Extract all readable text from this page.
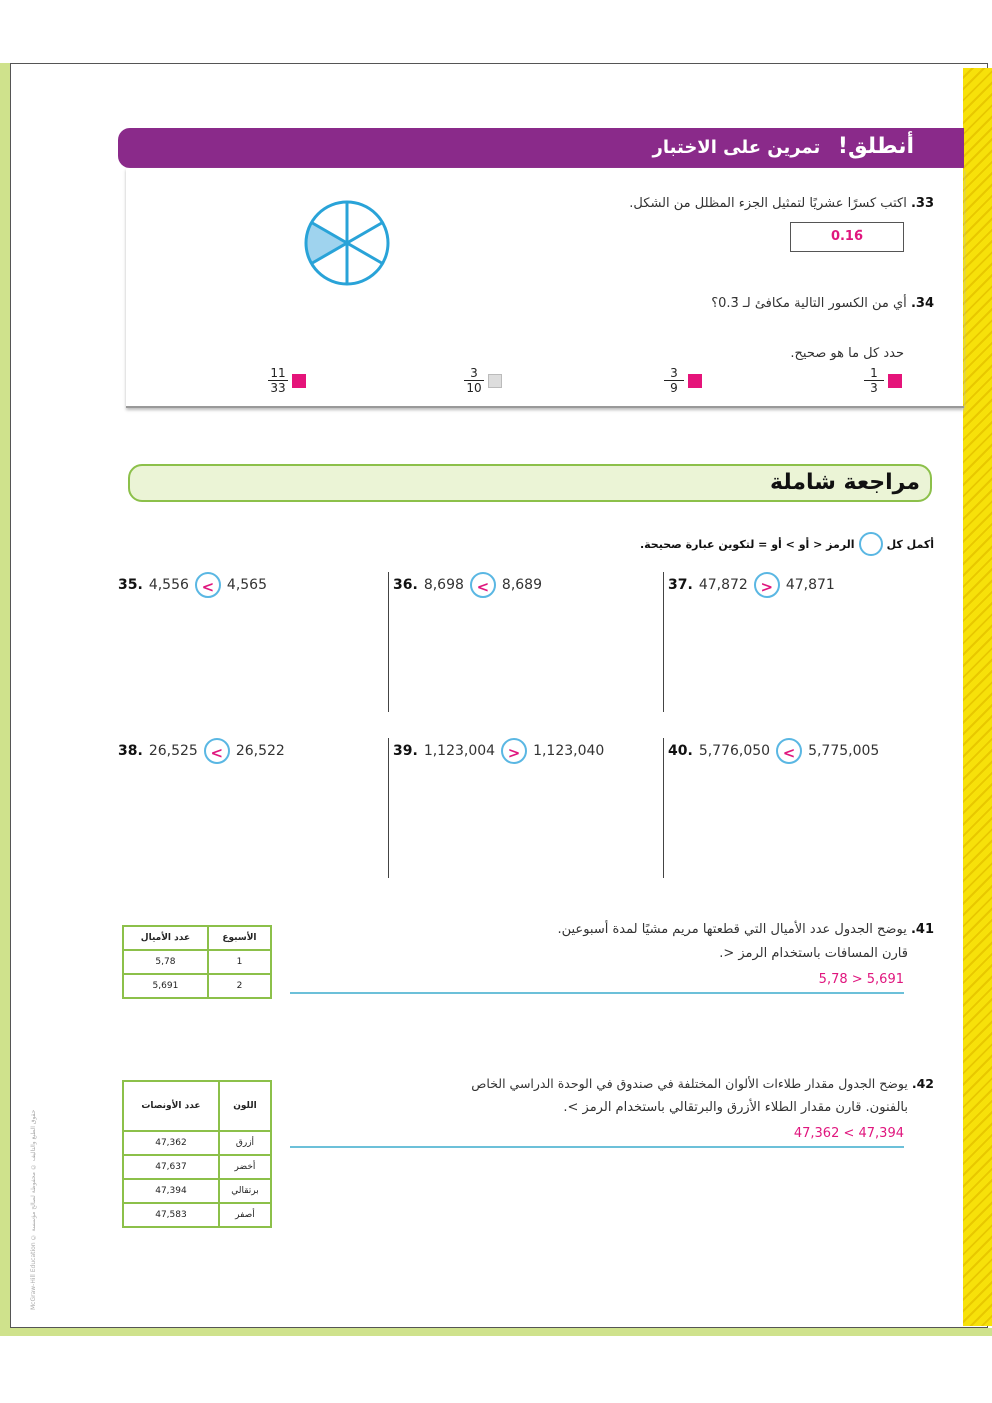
McGraw-Hill Education © حقوق الطبع والتأليف © محفوظة لصالح مؤسسة
أنطلق! تمرين على الاختبار
33. اكتب كسرًا عشريًا لتمثيل الجزء المظلل من الشكل.
0.16̄
34. أي من الكسور التالية مكافئ لـ 0.3̄؟
حدد كل ما هو صحيح.
$\frac{1}{3}$
$\frac{3}{9}$
$\frac{3}{10}$
$\frac{11}{33}$
مراجعة شاملة
أكمل كل
الرمز < أو > أو = لتكوين عبارة صحيحة.
35. 4,556 < 4,565	36. 8,698 < 8,689	37. 47,872 > 47,871
38. 26,525 < 26,522	39. 1,123,004 > 1,123,040	40. 5,776,050 < 5,775,005
عدد الأميال	الأسبوع
5,78	1
5,691	2
41. يوضح الجدول عدد الأميال التي قطعتها مريم مشيًا لمدة أسبوعين.
قارن المسافات باستخدام الرمز <.
5,78 > 5,691
عدد الأونصات	اللون
47,362	أزرق
47,637	أخضر
47,394	برتقالي
47,583	أصفر
42. يوضح الجدول مقدار طلاءات الألوان المختلفة في صندوق في الوحدة الدراسي الخاص
بالفنون. قارن مقدار الطلاء الأزرق والبرتقالي باستخدام الرمز >.
47,362 < 47,394
